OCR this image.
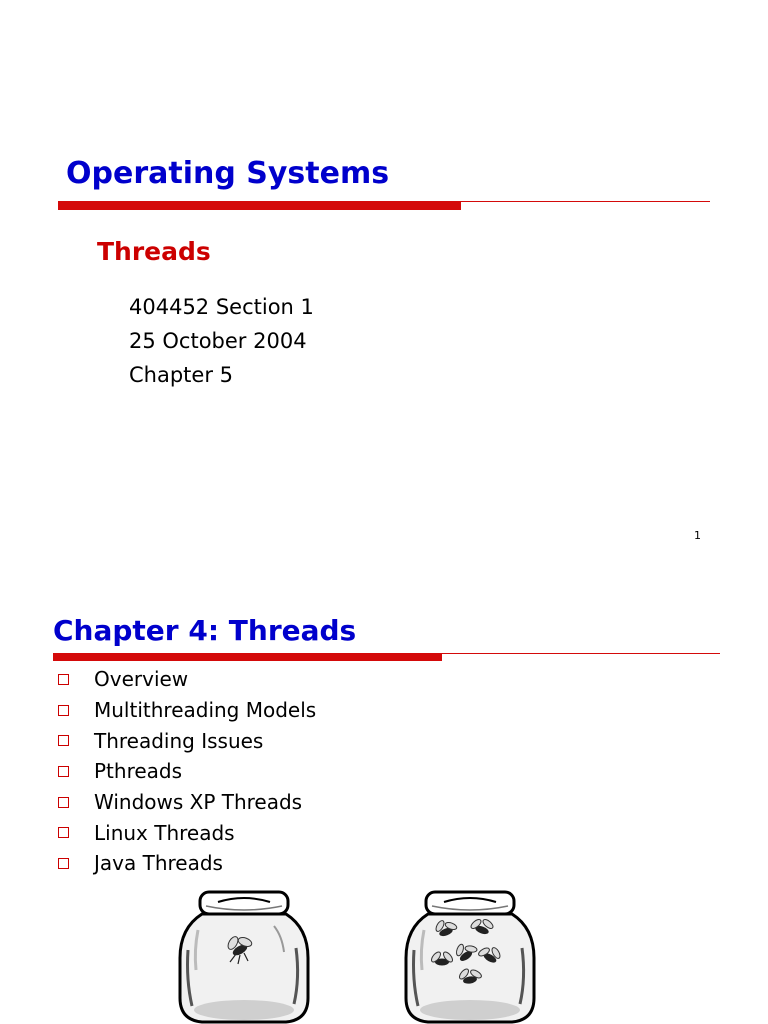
Operating Systems
Threads
404452 Section 1
25 October 2004
Chapter 5
1
Chapter 4: Threads
Overview
Multithreading Models
Threading Issues
Pthreads
Windows XP Threads
Linux Threads
Java Threads
